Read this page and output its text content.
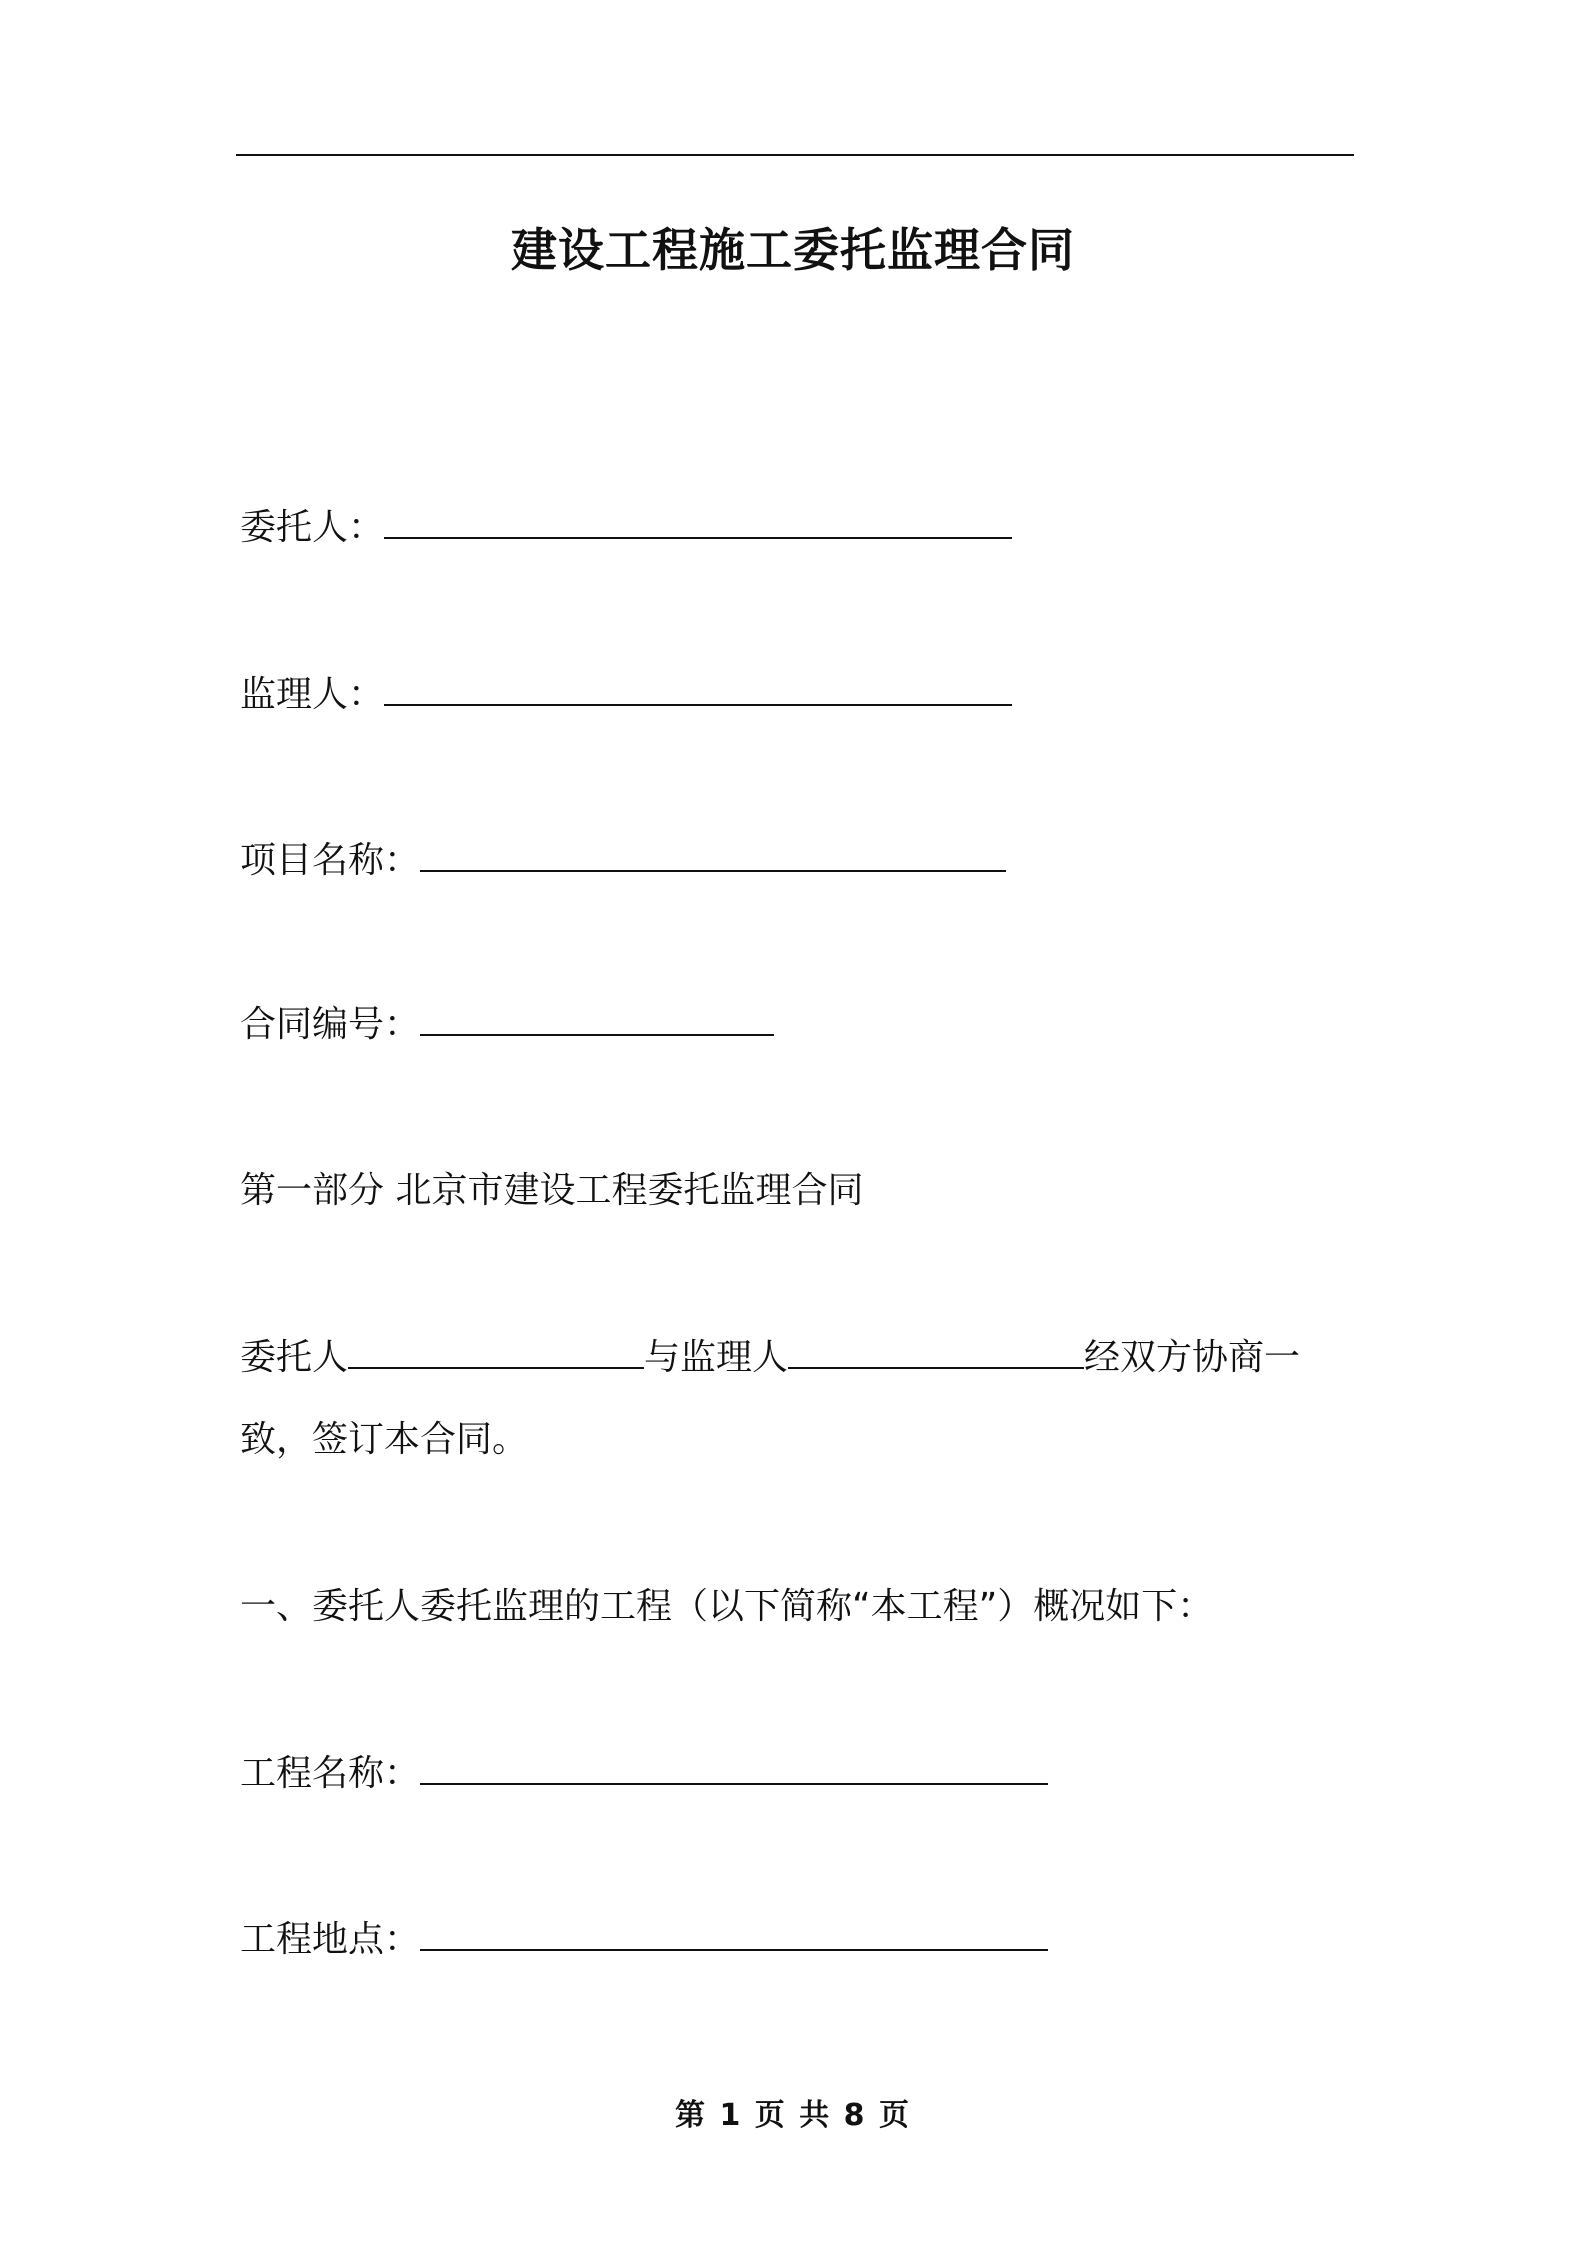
建设工程施工委托监理合同
委托人：
监理人：
项目名称：
合同编号：
第一部分 北京市建设工程委托监理合同
委托人	与监理人	经双方协商一
致，签订本合同。
一、委托人委托监理的工程（以下简称“本工程”）概况如下：
工程名称：
工程地点：
第 1 页 共 8 页
